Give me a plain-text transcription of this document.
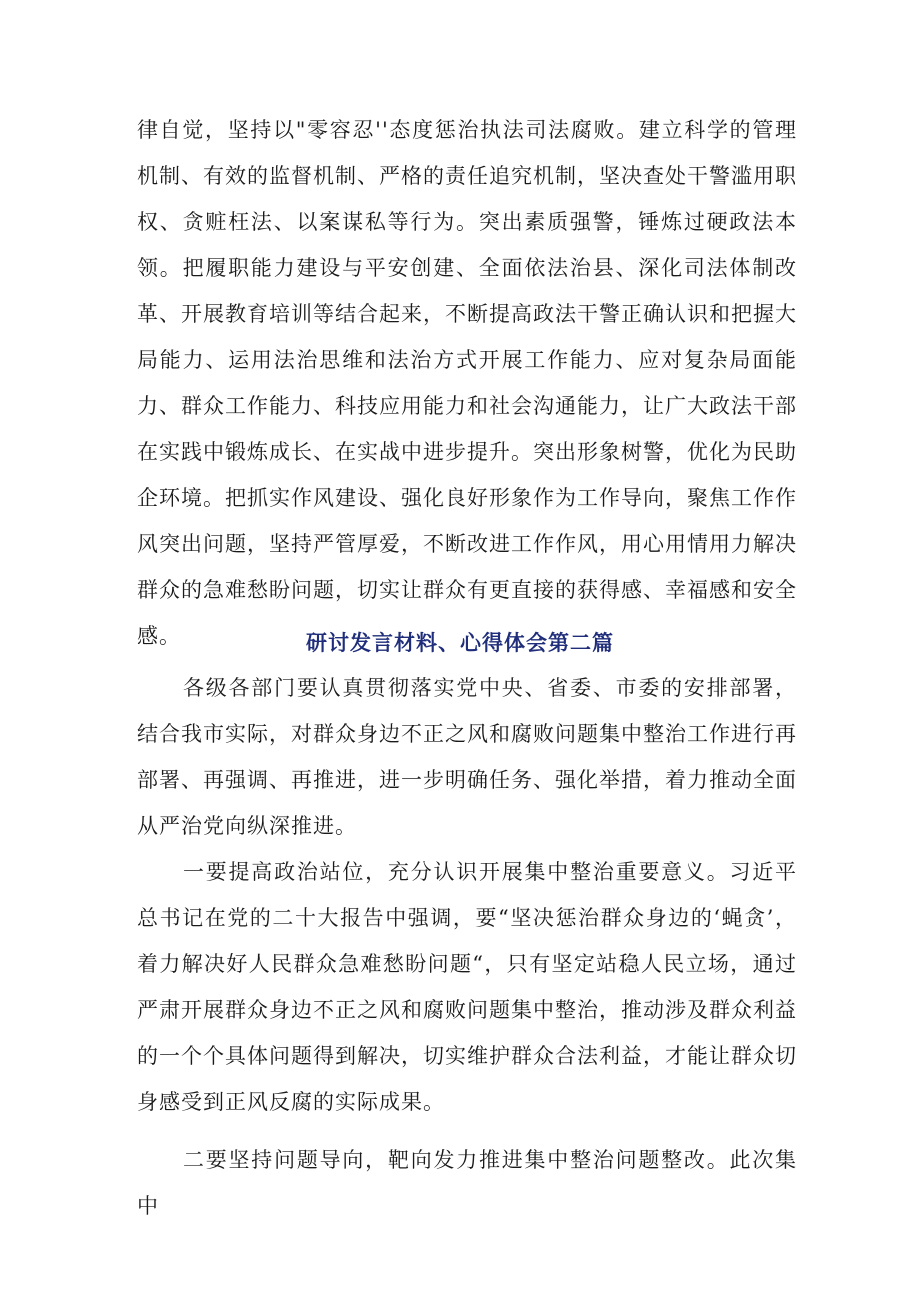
律自觉，坚持以"零容忍''态度惩治执法司法腐败。建立科学的管理机制、有效的监督机制、严格的责任追究机制，坚决查处干警滥用职权、贪赃枉法、以案谋私等行为。突出素质强警，锤炼过硬政法本领。把履职能力建设与平安创建、全面依法治县、深化司法体制改革、开展教育培训等结合起来，不断提高政法干警正确认识和把握大局能力、运用法治思维和法治方式开展工作能力、应对复杂局面能力、群众工作能力、科技应用能力和社会沟通能力，让广大政法干部在实践中锻炼成长、在实战中进步提升。突出形象树警，优化为民助企环境。把抓实作风建设、强化良好形象作为工作导向，聚焦工作作风突出问题，坚持严管厚爱，不断改进工作作风，用心用情用力解决群众的急难愁盼问题，切实让群众有更直接的获得感、幸福感和安全感。	研讨发言材料、心得体会第二篇

各级各部门要认真贯彻落实党中央、省委、市委的安排部署，结合我市实际，对群众身边不正之风和腐败问题集中整治工作进行再部署、再强调、再推进，进一步明确任务、强化举措，着力推动全面从严治党向纵深推进。

一要提高政治站位，充分认识开展集中整治重要意义。习近平总书记在党的二十大报告中强调，要“坚决惩治群众身边的‘蝇贪’，着力解决好人民群众急难愁盼问题“，只有坚定站稳人民立场，通过严肃开展群众身边不正之风和腐败问题集中整治，推动涉及群众利益的一个个具体问题得到解决，切实维护群众合法利益，才能让群众切身感受到正风反腐的实际成果。

二要坚持问题导向，靶向发力推进集中整治问题整改。此次集中
